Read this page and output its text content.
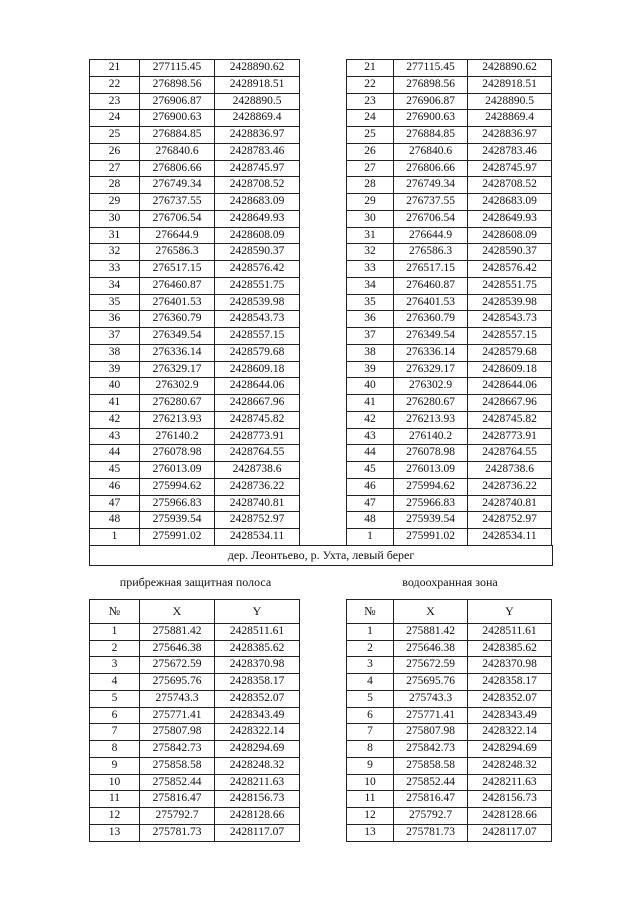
21	277115.45	2428890.62	21	277115.45	2428890.62
22	276898.56	2428918.51	22	276898.56	2428918.51
23	276906.87	2428890.5	23	276906.87	2428890.5
24	276900.63	2428869.4	24	276900.63	2428869.4
25	276884.85	2428836.97	25	276884.85	2428836.97
26	276840.6	2428783.46	26	276840.6	2428783.46
27	276806.66	2428745.97	27	276806.66	2428745.97
28	276749.34	2428708.52	28	276749.34	2428708.52
29	276737.55	2428683.09	29	276737.55	2428683.09
30	276706.54	2428649.93	30	276706.54	2428649.93
31	276644.9	2428608.09	31	276644.9	2428608.09
32	276586.3	2428590.37	32	276586.3	2428590.37
33	276517.15	2428576.42	33	276517.15	2428576.42
34	276460.87	2428551.75	34	276460.87	2428551.75
35	276401.53	2428539.98	35	276401.53	2428539.98
36	276360.79	2428543.73	36	276360.79	2428543.73
37	276349.54	2428557.15	37	276349.54	2428557.15
38	276336.14	2428579.68	38	276336.14	2428579.68
39	276329.17	2428609.18	39	276329.17	2428609.18
40	276302.9	2428644.06	40	276302.9	2428644.06
41	276280.67	2428667.96	41	276280.67	2428667.96
42	276213.93	2428745.82	42	276213.93	2428745.82
43	276140.2	2428773.91	43	276140.2	2428773.91
44	276078.98	2428764.55	44	276078.98	2428764.55
45	276013.09	2428738.6	45	276013.09	2428738.6
46	275994.62	2428736.22	46	275994.62	2428736.22
47	275966.83	2428740.81	47	275966.83	2428740.81
48	275939.54	2428752.97	48	275939.54	2428752.97
1	275991.02	2428534.11	1	275991.02	2428534.11
дер. Леонтьево, р. Ухта, левый берег
прибрежная защитная полоса	водоохранная зона
№	X	Y	№	X	Y
1	275881.42	2428511.61	1	275881.42	2428511.61
2	275646.38	2428385.62	2	275646.38	2428385.62
3	275672.59	2428370.98	3	275672.59	2428370.98
4	275695.76	2428358.17	4	275695.76	2428358.17
5	275743.3	2428352.07	5	275743.3	2428352.07
6	275771.41	2428343.49	6	275771.41	2428343.49
7	275807.98	2428322.14	7	275807.98	2428322.14
8	275842.73	2428294.69	8	275842.73	2428294.69
9	275858.58	2428248.32	9	275858.58	2428248.32
10	275852.44	2428211.63	10	275852.44	2428211.63
11	275816.47	2428156.73	11	275816.47	2428156.73
12	275792.7	2428128.66	12	275792.7	2428128.66
13	275781.73	2428117.07	13	275781.73	2428117.07
